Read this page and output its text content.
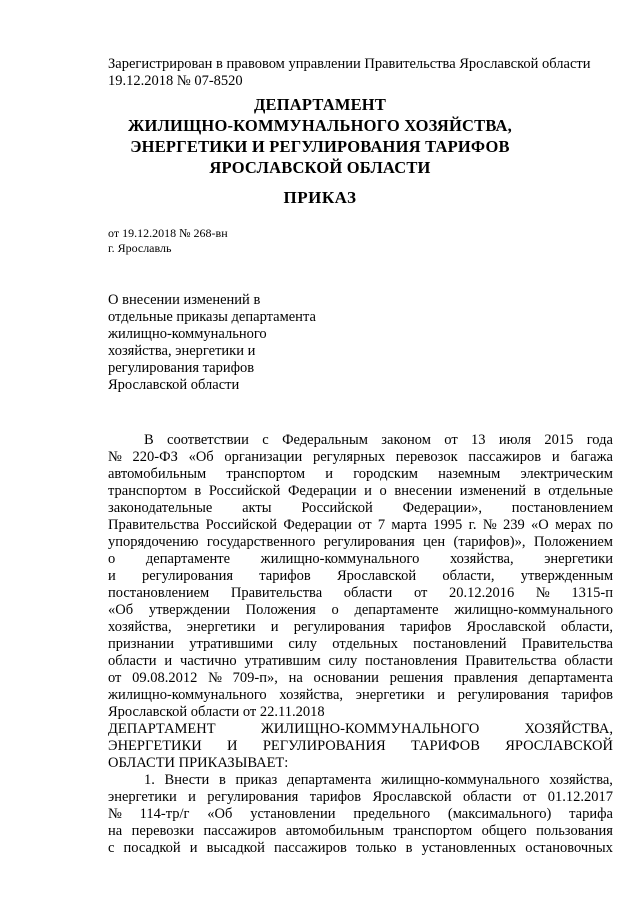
Зарегистрирован в правовом управлении Правительства Ярославской области
19.12.2018 № 07-8520
ДЕПАРТАМЕНТ
ЖИЛИЩНО-КОММУНАЛЬНОГО ХОЗЯЙСТВА,
ЭНЕРГЕТИКИ И РЕГУЛИРОВАНИЯ ТАРИФОВ
ЯРОСЛАВСКОЙ ОБЛАСТИ
ПРИКАЗ
от 19.12.2018 № 268-вн
г. Ярославль
О внесении изменений в
отдельные приказы департамента
жилищно-коммунального
хозяйства, энергетики и
регулирования тарифов
Ярославской области
В соответствии с Федеральным законом от 13 июля 2015 года
№ 220-ФЗ «Об организации регулярных перевозок пассажиров и багажа
автомобильным транспортом и городским наземным электрическим
транспортом в Российской Федерации и о внесении изменений в отдельные
законодательные акты Российской Федерации», постановлением
Правительства Российской Федерации от 7 марта 1995 г. № 239 «О мерах по
упорядочению государственного регулирования цен (тарифов)», Положением
о департаменте жилищно-коммунального хозяйства, энергетики
и регулирования тарифов Ярославской области, утвержденным
постановлением Правительства области от 20.12.2016 № 1315-п
«Об утверждении Положения о департаменте жилищно-коммунального
хозяйства, энергетики и регулирования тарифов Ярославской области,
признании утратившими силу отдельных постановлений Правительства
области и частично утратившим силу постановления Правительства области
от 09.08.2012 № 709-п», на основании решения правления департамента
жилищно-коммунального хозяйства, энергетики и регулирования тарифов
Ярославской области от 22.11.2018
ДЕПАРТАМЕНТ	ЖИЛИЩНО-КОММУНАЛЬНОГО	ХОЗЯЙСТВА,
ЭНЕРГЕТИКИ И РЕГУЛИРОВАНИЯ ТАРИФОВ ЯРОСЛАВСКОЙ
ОБЛАСТИ ПРИКАЗЫВАЕТ:
1. Внести в приказ департамента жилищно-коммунального хозяйства,
энергетики и регулирования тарифов Ярославской области от 01.12.2017
№ 114-тр/г «Об установлении предельного (максимального) тарифа
на перевозки пассажиров автомобильным транспортом общего пользования
с посадкой и высадкой пассажиров только в установленных остановочных
